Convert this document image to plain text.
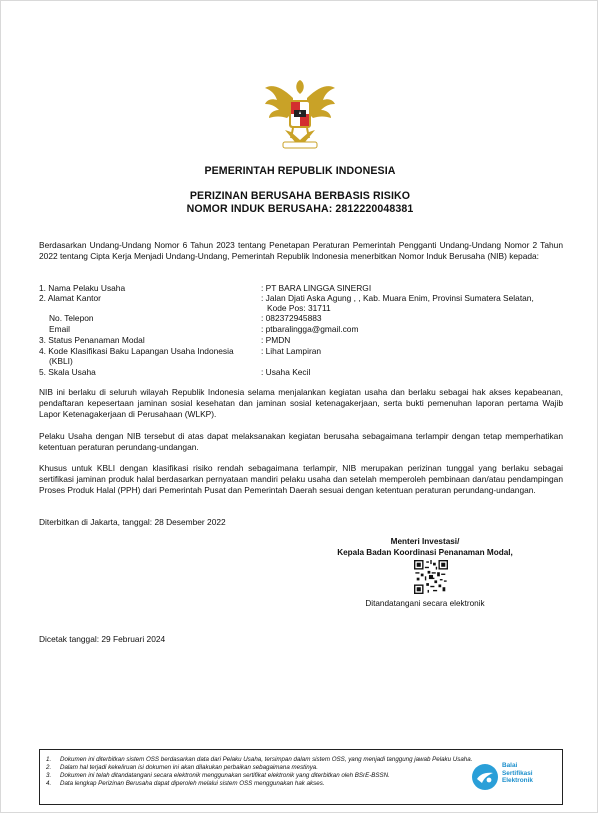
PEMERINTAH REPUBLIK INDONESIA
PERIZINAN BERUSAHA BERBASIS RISIKO
NOMOR INDUK BERUSAHA: 2812220048381
Berdasarkan Undang-Undang Nomor 6 Tahun 2023 tentang Penetapan Peraturan Pemerintah Pengganti Undang-Undang Nomor 2 Tahun 2022 tentang Cipta Kerja Menjadi Undang-Undang, Pemerintah Republik Indonesia menerbitkan Nomor Induk Berusaha (NIB) kepada:
1. Nama Pelaku Usaha	: PT BARA LINGGA SINERGI
2. Alamat Kantor	: Jalan Djati Aska Agung , , Kab. Muara Enim, Provinsi Sumatera Selatan,
Kode Pos: 31711
No. Telepon	: 082372945883
Email	: ptbaralingga@gmail.com
3. Status Penanaman Modal	: PMDN
4. Kode Klasifikasi Baku Lapangan Usaha Indonesia	: Lihat Lampiran
(KBLI)
5. Skala Usaha	: Usaha Kecil
NIB ini berlaku di seluruh wilayah Republik Indonesia selama menjalankan kegiatan usaha dan berlaku sebagai hak akses kepabeanan, pendaftaran kepesertaan jaminan sosial kesehatan dan jaminan sosial ketenagakerjaan, serta bukti pemenuhan laporan pertama Wajib Lapor Ketenagakerjaan di Perusahaan (WLKP).
Pelaku Usaha dengan NIB tersebut di atas dapat melaksanakan kegiatan berusaha sebagaimana terlampir dengan tetap memperhatikan ketentuan peraturan perundang-undangan.
Khusus untuk KBLI dengan klasifikasi risiko rendah sebagaimana terlampir, NIB merupakan perizinan tunggal yang berlaku sebagai sertifikasi jaminan produk halal berdasarkan pernyataan mandiri pelaku usaha dan setelah memperoleh pembinaan dan/atau pendampingan Proses Produk Halal (PPH) dari Pemerintah Pusat dan Pemerintah Daerah sesuai dengan ketentuan peraturan perundang-undangan.
Diterbitkan di Jakarta, tanggal: 28 Desember 2022
Menteri Investasi/
Kepala Badan Koordinasi Penanaman Modal,
Ditandatangani secara elektronik
Dicetak tanggal: 29 Februari 2024
1. Dokumen ini diterbitkan sistem OSS berdasarkan data dari Pelaku Usaha, tersimpan dalam sistem OSS, yang menjadi tanggung jawab Pelaku Usaha.
2. Dalam hal terjadi kekeliruan isi dokumen ini akan dilakukan perbaikan sebagaimana mestinya.
3. Dokumen ini telah ditandatangani secara elektronik menggunakan sertifikat elektronik yang diterbitkan oleh BSrE-BSSN.
4. Data lengkap Perizinan Berusaha dapat diperoleh melalui sistem OSS menggunakan hak akses.
Balai
Sertifikasi
Elektronik
